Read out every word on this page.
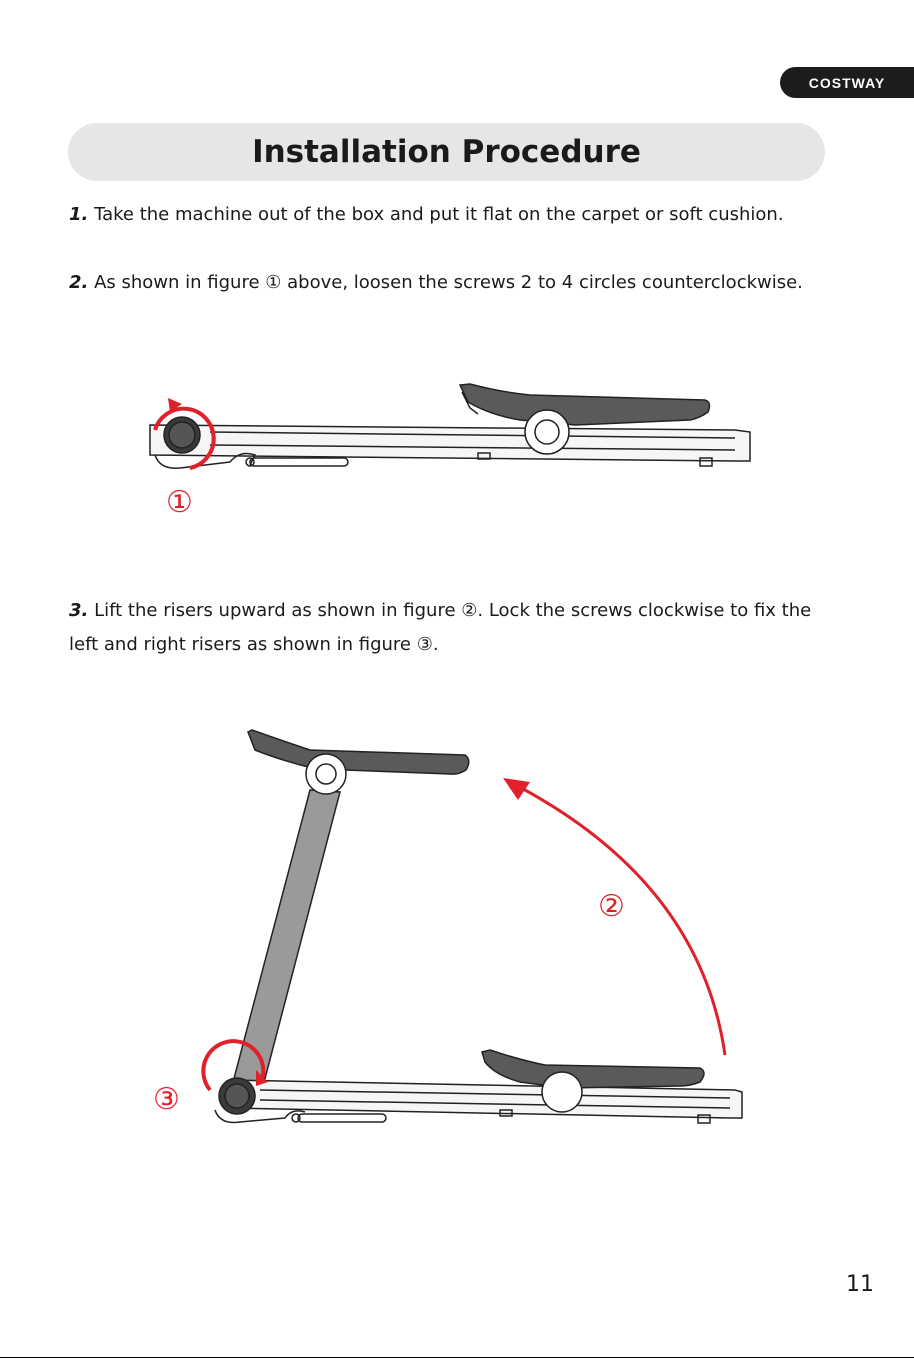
COSTWAY
Installation Procedure

1. Take the machine out of the box and put it flat on the carpet or soft cushion.

2. As shown in figure ① above, loosen the screws 2 to 4 circles counterclockwise.

3. Lift the risers upward as shown in figure ②. Lock the screws clockwise to fix the left and right risers as shown in figure ③.

①
②
③
11
